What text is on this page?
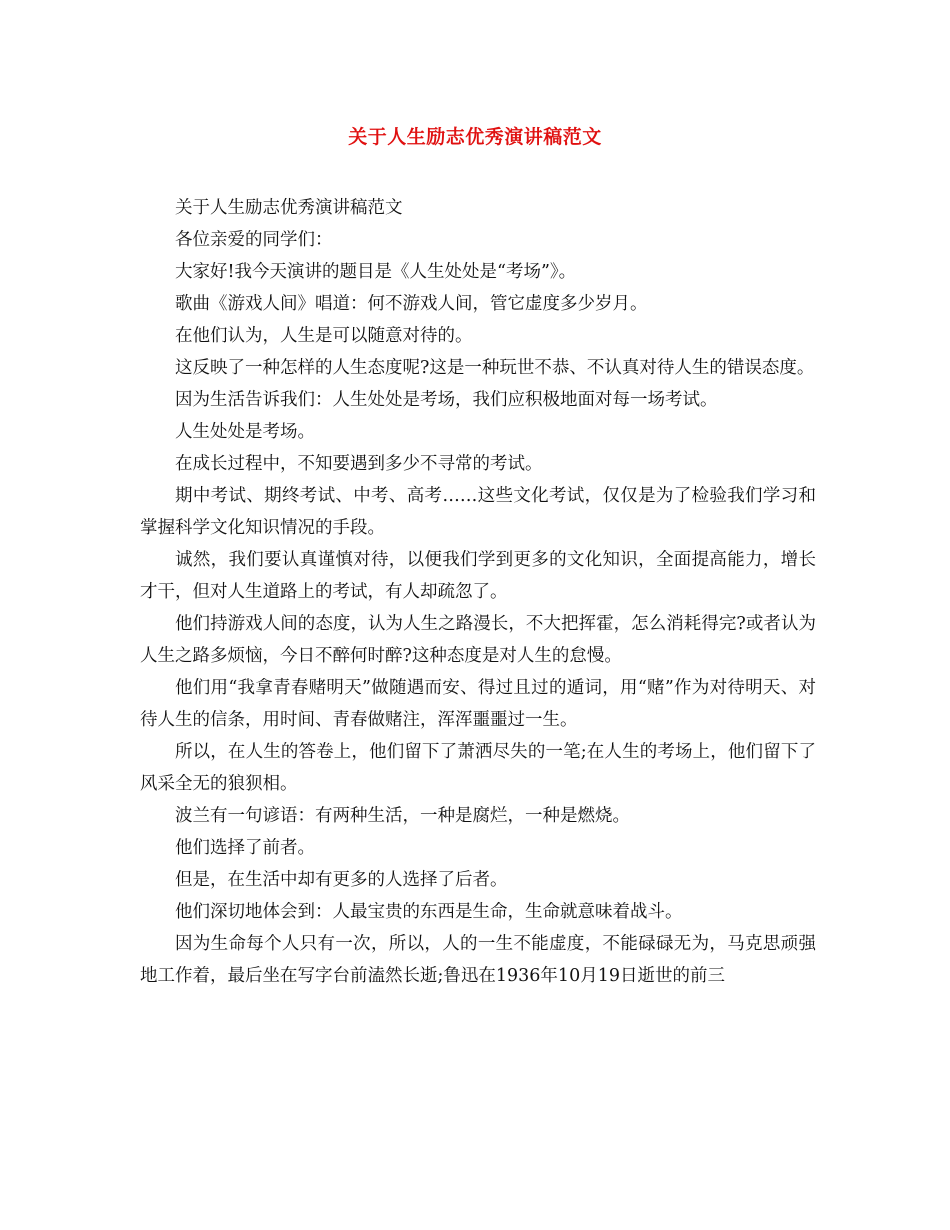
关于人生励志优秀演讲稿范文

关于人生励志优秀演讲稿范文

各位亲爱的同学们：

大家好!我今天演讲的题目是《人生处处是“考场”》。

歌曲《游戏人间》唱道：何不游戏人间，管它虚度多少岁月。

在他们认为，人生是可以随意对待的。

这反映了一种怎样的人生态度呢?这是一种玩世不恭、不认真对待人生的错误态度。

因为生活告诉我们：人生处处是考场，我们应积极地面对每一场考试。

人生处处是考场。

在成长过程中，不知要遇到多少不寻常的考试。

期中考试、期终考试、中考、高考……这些文化考试，仅仅是为了检验我们学习和掌握科学文化知识情况的手段。

诚然，我们要认真谨慎对待，以便我们学到更多的文化知识，全面提高能力，增长才干，但对人生道路上的考试，有人却疏忽了。

他们持游戏人间的态度，认为人生之路漫长，不大把挥霍，怎么消耗得完?或者认为人生之路多烦恼，今日不醉何时醉?这种态度是对人生的怠慢。

他们用“我拿青春赌明天”做随遇而安、得过且过的遁词，用“赌”作为对待明天、对待人生的信条，用时间、青春做赌注，浑浑噩噩过一生。

所以，在人生的答卷上，他们留下了萧洒尽失的一笔;在人生的考场上，他们留下了风采全无的狼狈相。

波兰有一句谚语：有两种生活，一种是腐烂，一种是燃烧。

他们选择了前者。

但是，在生活中却有更多的人选择了后者。

他们深切地体会到：人最宝贵的东西是生命，生命就意味着战斗。

因为生命每个人只有一次，所以，人的一生不能虚度，不能碌碌无为，马克思顽强地工作着，最后坐在写字台前溘然长逝;鲁迅在1936年10月19日逝世的前三
